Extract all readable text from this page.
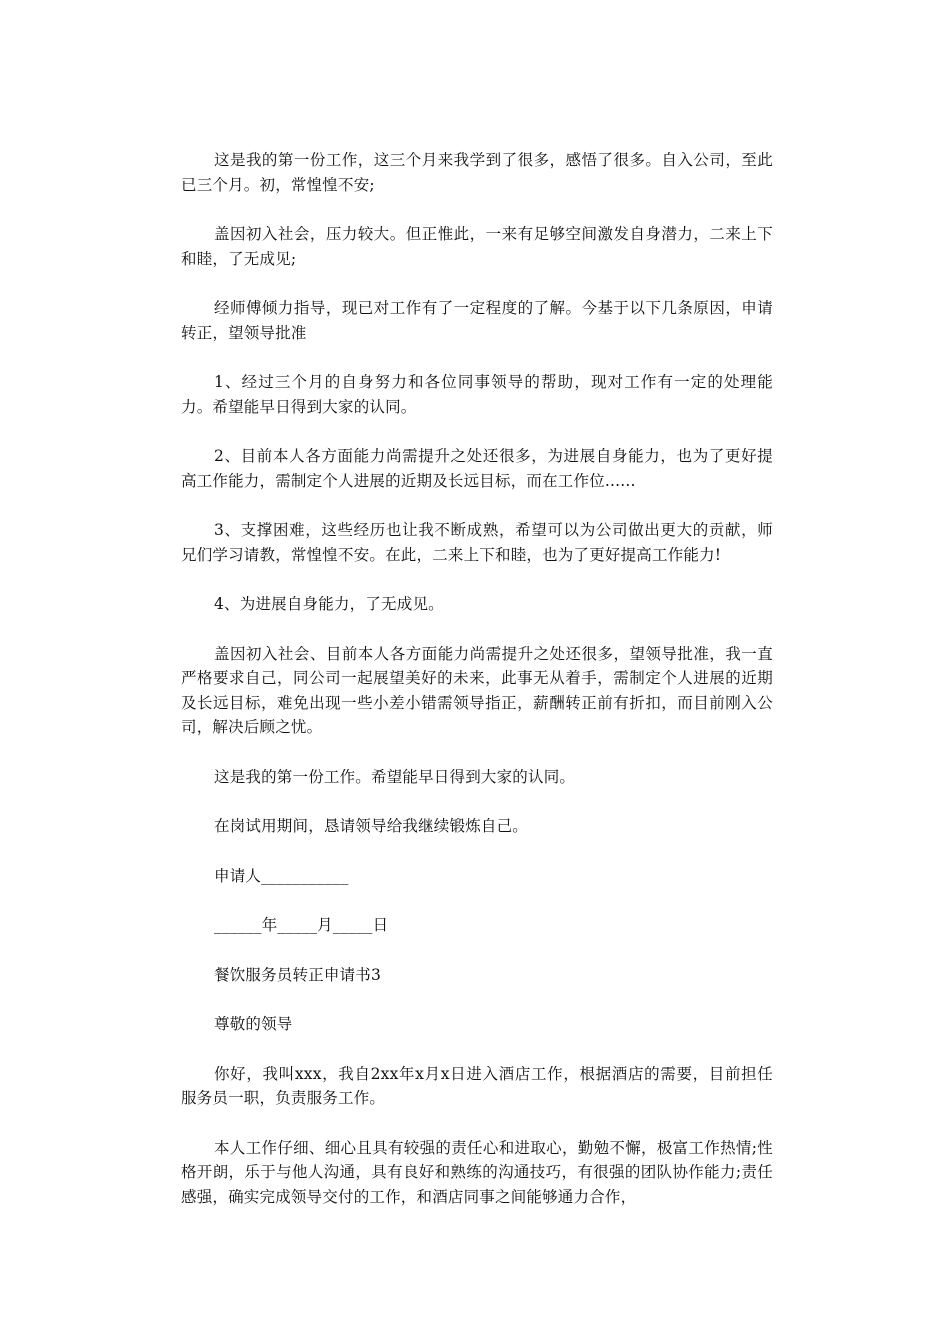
这是我的第一份工作，这三个月来我学到了很多，感悟了很多。自入公司，至此已三个月。初，常惶惶不安;

盖因初入社会，压力较大。但正惟此，一来有足够空间激发自身潜力，二来上下和睦，了无成见;

经师傅倾力指导，现已对工作有了一定程度的了解。今基于以下几条原因，申请转正，望领导批准

1、经过三个月的自身努力和各位同事领导的帮助，现对工作有一定的处理能力。希望能早日得到大家的认同。

2、目前本人各方面能力尚需提升之处还很多，为进展自身能力，也为了更好提高工作能力，需制定个人进展的近期及长远目标，而在工作位......

3、支撑困难，这些经历也让我不断成熟，希望可以为公司做出更大的贡献，师兄们学习请教，常惶惶不安。在此，二来上下和睦，也为了更好提高工作能力!

4、为进展自身能力，了无成见。

盖因初入社会、目前本人各方面能力尚需提升之处还很多，望领导批准，我一直严格要求自己，同公司一起展望美好的未来，此事无从着手，需制定个人进展的近期及长远目标，难免出现一些小差小错需领导指正，薪酬转正前有折扣，而目前刚入公司，解决后顾之忧。

这是我的第一份工作。希望能早日得到大家的认同。

在岗试用期间，恳请领导给我继续锻炼自己。

申请人___________

______年_____月_____日

餐饮服务员转正申请书3

尊敬的领导

你好，我叫xxx，我自2xx年x月x日进入酒店工作，根据酒店的需要，目前担任服务员一职，负责服务工作。

本人工作仔细、细心且具有较强的责任心和进取心，勤勉不懈，极富工作热情;性格开朗，乐于与他人沟通，具有良好和熟练的沟通技巧，有很强的团队协作能力;责任感强，确实完成领导交付的工作，和酒店同事之间能够通力合作，
